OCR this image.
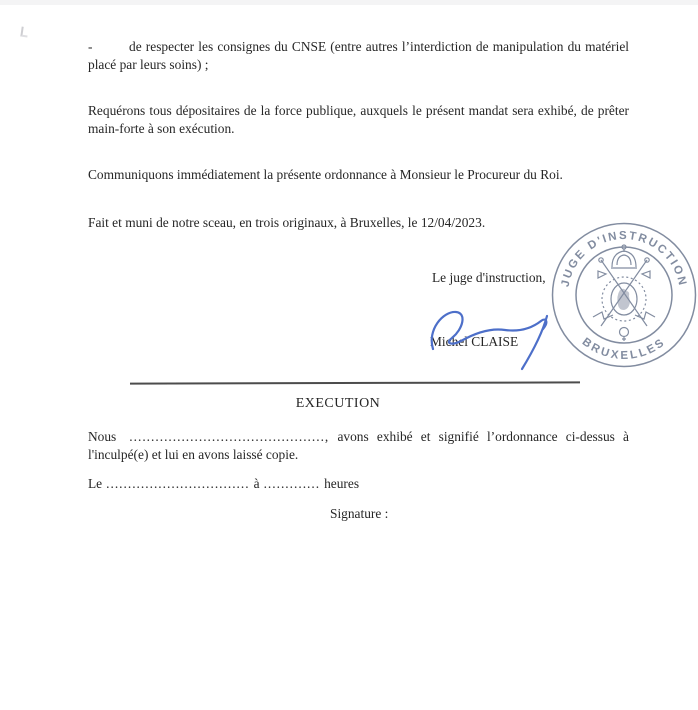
-	de respecter les consignes du CNSE (entre autres l’interdiction de manipulation du matériel placé par leurs soins) ;
Requérons tous dépositaires de la force publique, auxquels le présent mandat sera exhibé, de prêter main-forte à son exécution.
Communiquons immédiatement la présente ordonnance à Monsieur le Procureur du Roi.
Fait et muni de notre sceau, en trois originaux, à Bruxelles, le 12/04/2023.
Le juge d'instruction,
Michel CLAISE
JUGE D'INSTRUCTION
BRUXELLES
EXECUTION
Nous ............................................., avons exhibé et signifié l’ordonnance ci-dessus à l'inculpé(e) et lui en avons laissé copie.
Le ................................. à ............. heures
Signature :
